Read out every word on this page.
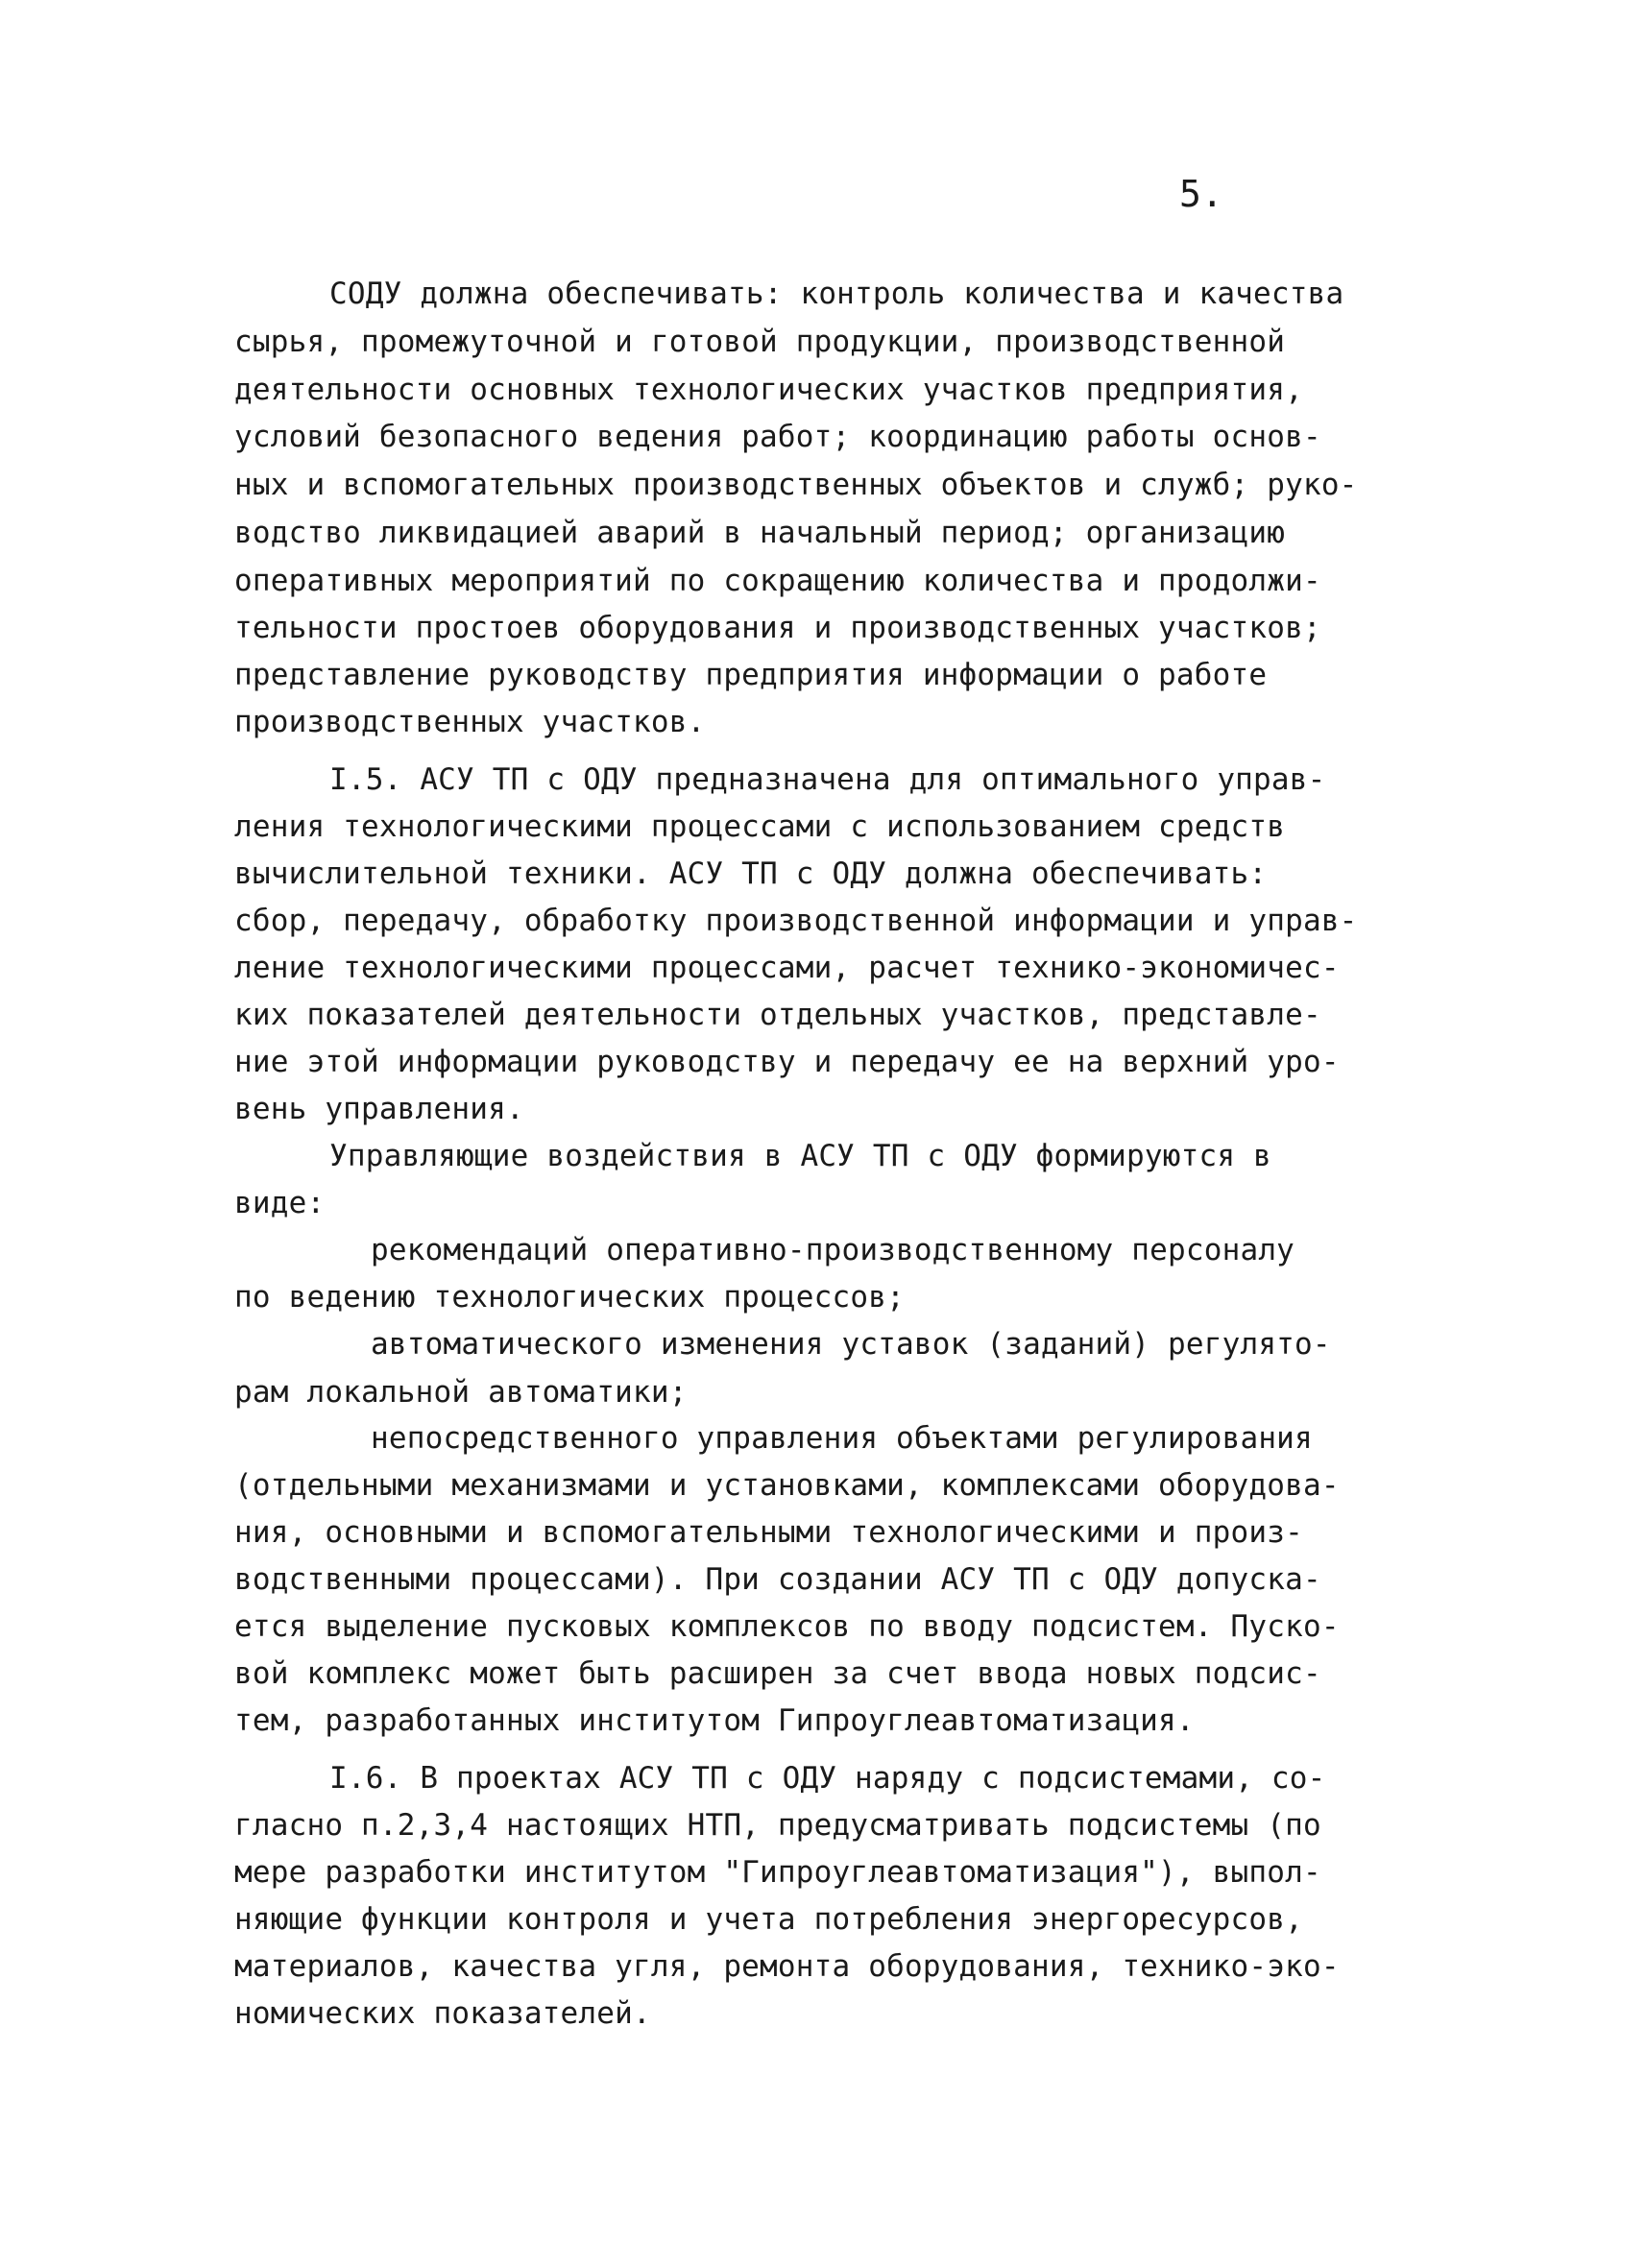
5.

СОДУ должна обеспечивать: контроль количества и качества

сырья, промежуточной и готовой продукции, производственной

деятельности основных технологических участков предприятия,

условий безопасного ведения работ; координацию работы основ-

ных и вспомогательных производственных объектов и служб; руко-

водство ликвидацией аварий в начальный период; организацию

оперативных мероприятий по сокращению количества и продолжи-

тельности простоев оборудования и производственных участков;

представление руководству предприятия информации о работе

производственных участков.

I.5. АСУ ТП с ОДУ предназначена для оптимального управ-

ления технологическими процессами с использованием средств

вычислительной техники. АСУ ТП с ОДУ должна обеспечивать:

сбор, передачу, обработку производственной информации и управ-

ление технологическими процессами, расчет технико-экономичес-

ких показателей деятельности отдельных участков, представле-

ние этой информации руководству и передачу ее на верхний уро-

вень управления.

Управляющие воздействия в АСУ ТП с ОДУ формируются в

виде:

рекомендаций оперативно-производственному персоналу

по ведению технологических процессов;

автоматического изменения уставок (заданий) регулято-

рам локальной автоматики;

непосредственного управления объектами регулирования

(отдельными механизмами и установками, комплексами оборудова-

ния, основными и вспомогательными технологическими и произ-

водственными процессами). При создании АСУ ТП с ОДУ допуска-

ется выделение пусковых комплексов по вводу подсистем. Пуско-

вой комплекс может быть расширен за счет ввода новых подсис-

тем, разработанных институтом Гипроуглеавтоматизация.

I.6. В проектах АСУ ТП с ОДУ наряду с подсистемами, со-

гласно п.2,3,4 настоящих НТП, предусматривать подсистемы (по

мере разработки институтом "Гипроуглеавтоматизация"), выпол-

няющие функции контроля и учета потребления энергоресурсов,

материалов, качества угля, ремонта оборудования, технико-эко-

номических показателей.
